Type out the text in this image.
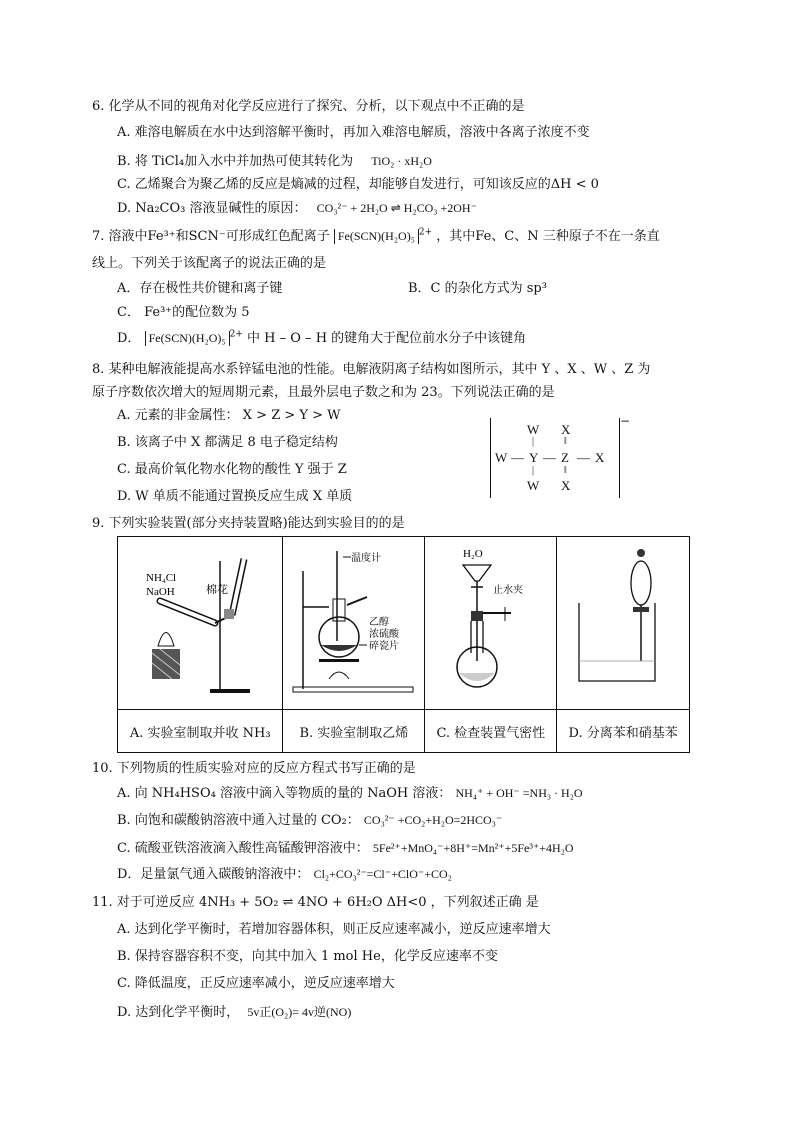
6. 化学从不同的视角对化学反应进行了探究、分析，以下观点中不正确的是
A. 难溶电解质在水中达到溶解平衡时，再加入难溶电解质，溶液中各离子浓度不变
B. 将 TiCl₄加入水中并加热可使其转化为 TiO₂ · xH₂O
C. 乙烯聚合为聚乙烯的反应是熵减的过程，却能够自发进行，可知该反应的ΔH < 0
D. Na₂CO₃ 溶液显碱性的原因： CO₃²⁻ + 2H₂O ⇌ H₂CO₃ +2OH⁻
7. 溶液中Fe³⁺和SCN⁻可形成红色配离子 Fe(SCN)(H₂O)₅ $^{2+}$ ，其中Fe、C、N 三种原子不在一条直
线上。下列关于该配离子的说法正确的是
A．存在极性共价键和离子键	B．C 的杂化方式为 sp³
C． Fe³⁺的配位数为 5
D． Fe(SCN)(H₂O)₅ $^{2+}$ 中 H – O – H 的键角大于配位前水分子中该键角
8. 某种电解液能提高水系锌锰电池的性能。电解液阴离子结构如图所示，其中 Y 、X 、W 、Z 为
原子序数依次增大的短周期元素，且最外层电子数之和为 23。下列说法正确的是
A. 元素的非金属性： X > Z > Y > W
B. 该离子中 X 都满足 8 电子稳定结构
C. 最高价氧化物水化物的酸性 Y 强于 Z
D. W 单质不能通过置换反应生成 X 单质
W
|
W — Y — Z — X
X
‖
|
W
‖
X
−
9. 下列实验装置(部分夹持装置略)能达到实验目的的是
NH₄Cl
NaOH 棉花	温度计
乙醇
浓硫酸
碎瓷片	H₂O
止水夹

A. 实验室制取并收 NH₃	B. 实验室制取乙烯	C. 检查装置气密性	D. 分离苯和硝基苯
10. 下列物质的性质实验对应的反应方程式书写正确的是
A. 向 NH₄HSO₄ 溶液中滴入等物质的量的 NaOH 溶液： NH₄⁺ + OH⁻ =NH₃ · H₂O
B. 向饱和碳酸钠溶液中通入过量的 CO₂： CO₃²⁻ +CO₂+H₂O=2HCO₃⁻
C. 硫酸亚铁溶液滴入酸性高锰酸钾溶液中： 5Fe²⁺+MnO₄⁻+8H⁺=Mn²⁺+5Fe³⁺+4H₂O
D．足量氯气通入碳酸钠溶液中： Cl₂+CO₃²⁻=Cl⁻+ClO⁻+CO₂
11. 对于可逆反应 4NH₃ + 5O₂ ⇌ 4NO + 6H₂O ΔH<0 ，下列叙述正确 是
A. 达到化学平衡时，若增加容器体积，则正反应速率减小，逆反应速率增大
B. 保持容器容积不变，向其中加入 1 mol He，化学反应速率不变
C. 降低温度，正反应速率减小，逆反应速率增大
D. 达到化学平衡时， 5v正(O₂)= 4v逆(NO)
